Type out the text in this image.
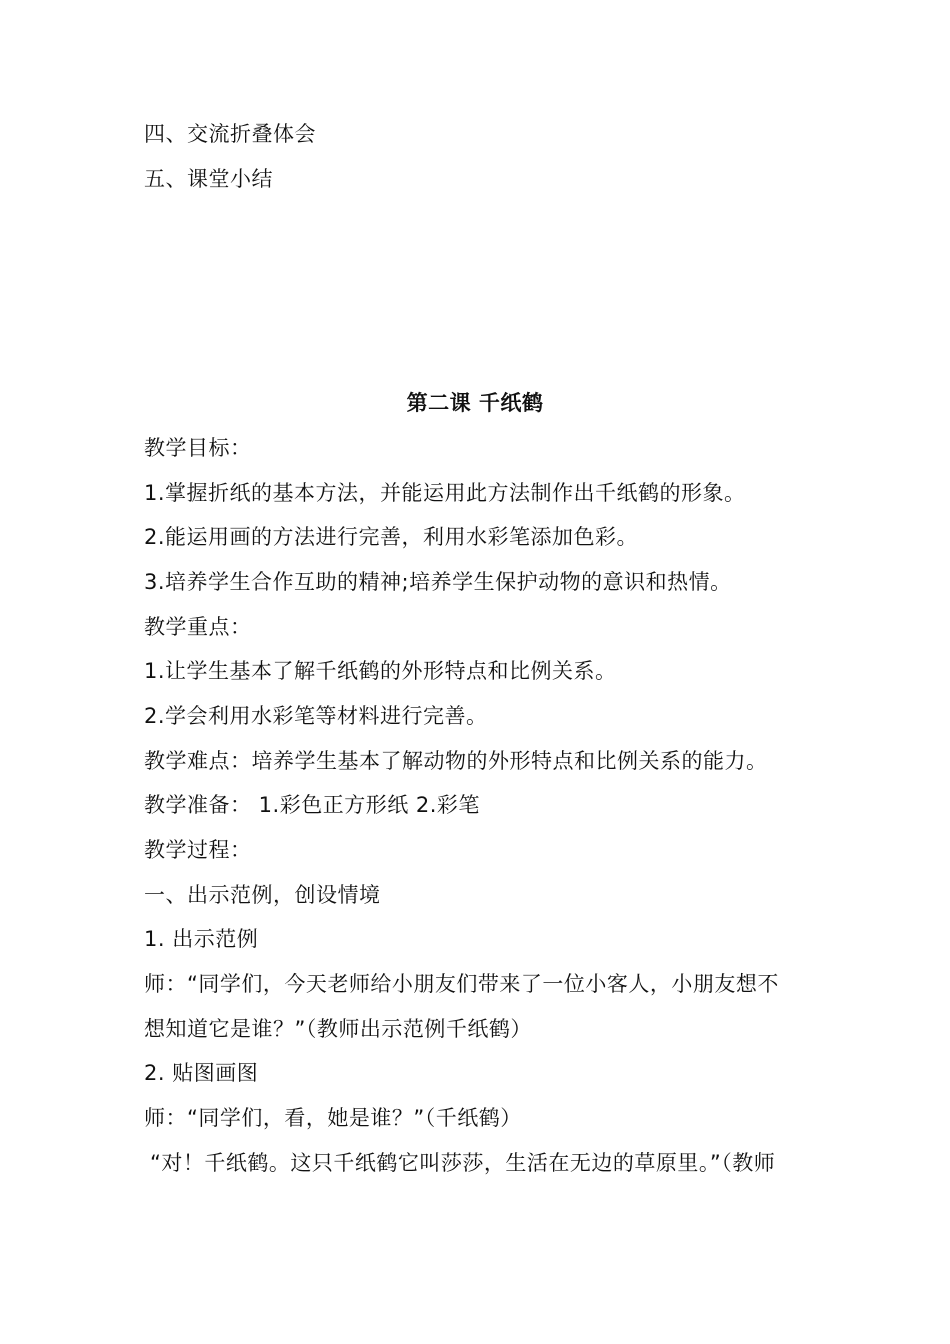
四、交流折叠体会
五、课堂小结
第二课 千纸鹤
教学目标：
1.掌握折纸的基本方法，并能运用此方法制作出千纸鹤的形象。
2.能运用画的方法进行完善，利用水彩笔添加色彩。
3.培养学生合作互助的精神;培养学生保护动物的意识和热情。
教学重点：
1.让学生基本了解千纸鹤的外形特点和比例关系。
2.学会利用水彩笔等材料进行完善。
教学难点：培养学生基本了解动物的外形特点和比例关系的能力。
教学准备： 1.彩色正方形纸 2.彩笔
教学过程：
一、出示范例，创设情境
1. 出示范例
师：“同学们，今天老师给小朋友们带来了一位小客人，小朋友想不
想知道它是谁？”（教师出示范例千纸鹤）
2. 贴图画图
师：“同学们，看，她是谁？”（千纸鹤）
“对！千纸鹤。这只千纸鹤它叫莎莎，生活在无边的草原里。”（教师
